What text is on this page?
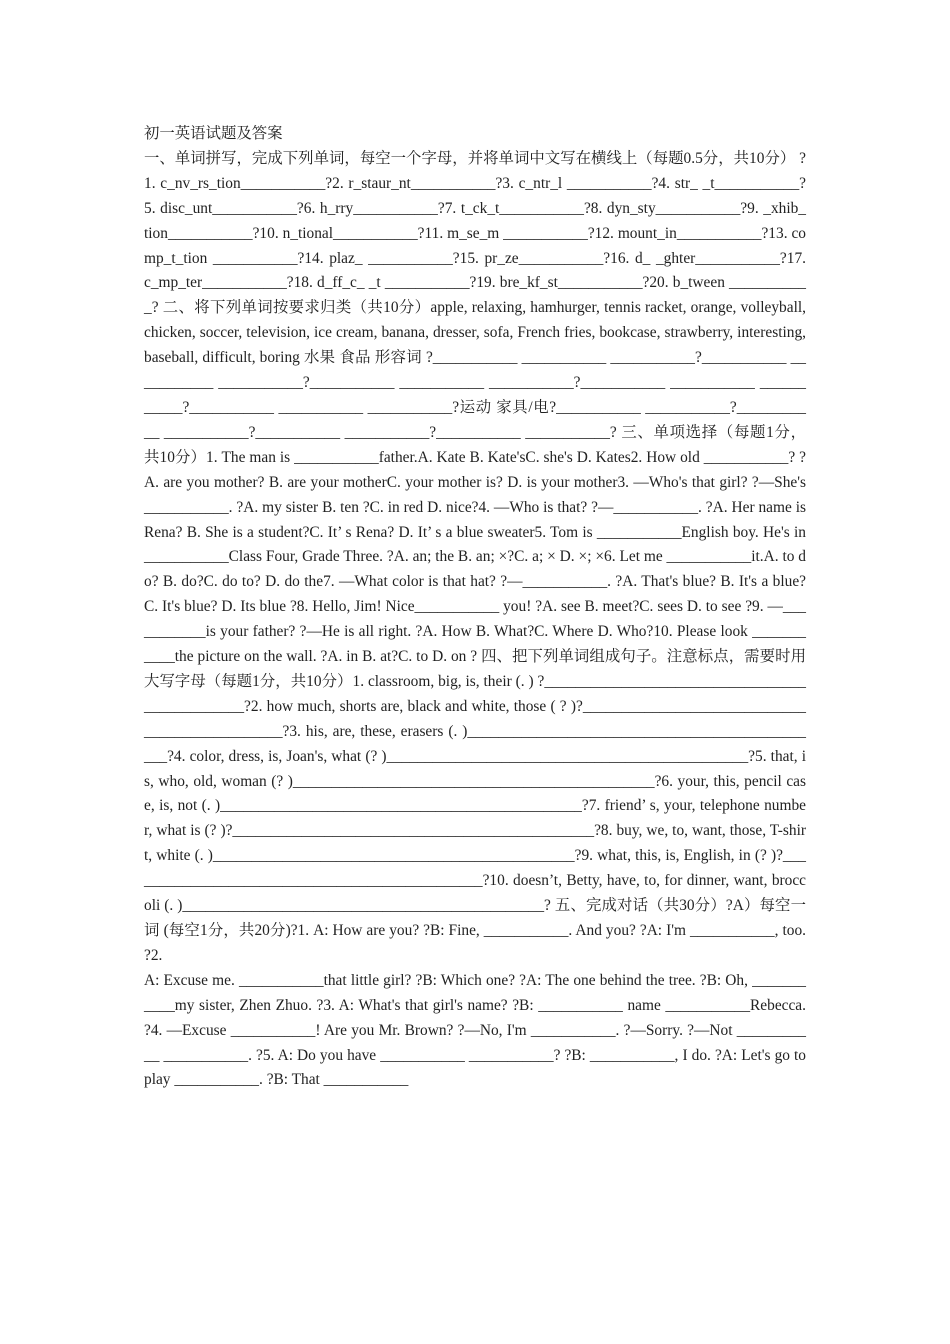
初一英语试题及答案

一、单词拼写，完成下列单词，每空一个字母，并将单词中文写在横线上（每题0.5分，共10分） ?1. c_nv_rs_tion___________?2. r_staur_nt___________?3. c_ntr_l ___________?4. str_ _t___________?5. disc_unt___________?6. h_rry___________?7. t_ck_t___________?8. dyn_sty___________?9. _xhib_tion___________?10. n_tional___________?11. m_se_m ___________?12. mount_in___________?13. comp_t_tion ___________?14. plaz_ ___________?15. pr_ze___________?16. d_ _ghter___________?17. c_mp_ter___________?18. d_ff_c_ _t ___________?19. bre_kf_st___________?20. b_tween ___________? 二、将下列单词按要求归类（共10分）apple, relaxing, hamhurger, tennis racket, orange, volleyball, chicken, soccer, television, ice cream, banana, dresser, sofa, French fries, bookcase, strawberry, interesting, baseball, difficult, boring 水果 食品 形容词 ?___________ ___________ ___________?___________ ___________ ___________?___________ ___________ ___________?___________ ___________ ___________?___________ ___________ ___________?运动 家具/电?___________ ___________?___________ ___________?___________ ___________?___________ ___________? 三、单项选择（每题1分，共10分）1. The man is ___________father.A. Kate B. Kate'sC. she's D. Kates2. How old ___________? ?A. are you mother? B. are your motherC. your mother is? D. is your mother3. —Who's that girl? ?—She's ___________. ?A. my sister B. ten ?C. in red D. nice?4. —Who is that? ?—___________. ?A. Her name is Rena? B. She is a student?C. It’ s Rena? D. It’ s a blue sweater5. Tom is ___________English boy. He's in ___________Class Four, Grade Three. ?A. an; the B. an; ×?C. a; × D. ×; ×6. Let me ___________it.A. to do? B. do?C. do to? D. do the7. —What color is that hat? ?—___________. ?A. That's blue? B. It's a blue?C. It's blue? D. Its blue ?8. Hello, Jim! Nice___________ you! ?A. see B. meet?C. sees D. to see ?9. —___________is your father? ?—He is all right. ?A. How B. What?C. Where D. Who?10. Please look ___________the picture on the wall. ?A. in B. at?C. to D. on ? 四、把下列单词组成句子。注意标点，需要时用大写字母（每题1分，共10分）1. classroom, big, is, their (. ) ?_______________________________________________?2. how much, shorts are, black and white, those ( ? )?_______________________________________________?3. his, are, these, erasers (. )_______________________________________________?4. color, dress, is, Joan's, what (? )_______________________________________________?5. that, is, who, old, woman (? )_______________________________________________?6. your, this, pencil case, is, not (. )_______________________________________________?7. friend’ s, your, telephone number, what is (? )?_______________________________________________?8. buy, we, to, want, those, T-shirt, white (. )_______________________________________________?9. what, this, is, English, in (? )?_______________________________________________?10. doesn’t, Betty, have, to, for dinner, want, broccoli (. )_______________________________________________? 五、完成对话（共30分）?A）每空一词 (每空1分，共20分)?1. A: How are you? ?B: Fine, ___________. And you? ?A: I'm ___________, too. ?2.

A: Excuse me. ___________that little girl? ?B: Which one? ?A: The one behind the tree. ?B: Oh, ___________my sister, Zhen Zhuo. ?3. A: What's that girl's name? ?B: ___________ name ___________Rebecca. ?4. —Excuse ___________! Are you Mr. Brown? ?—No, I'm ___________. ?—Sorry. ?—Not ___________ ___________. ?5. A: Do you have ___________ ___________? ?B: ___________, I do. ?A: Let's go to play ___________. ?B: That ___________
